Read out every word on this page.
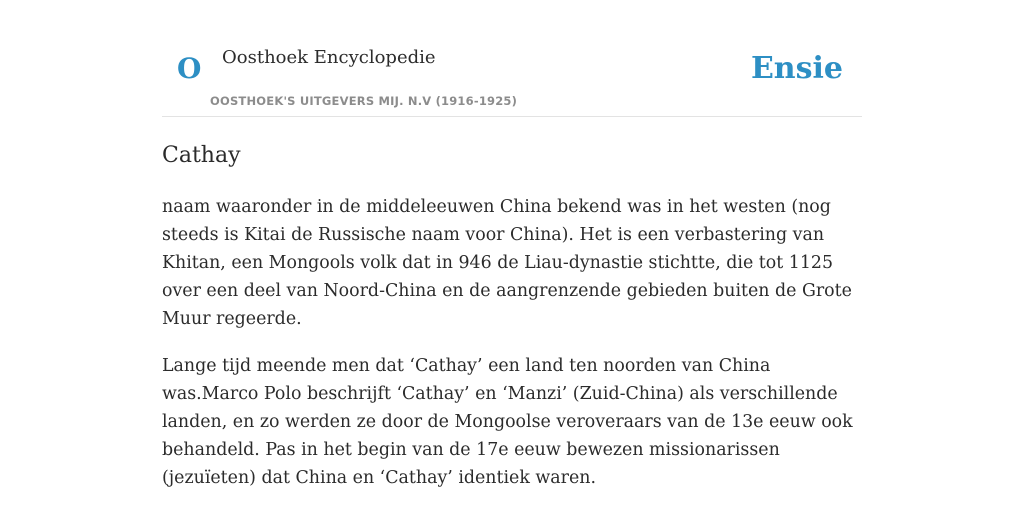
O Oosthoek Encyclopedie
OOSTHOEK'S UITGEVERS MIJ. N.V (1916-1925)
Ensie
Cathay

naam waaronder in de middeleeuwen China bekend was in het westen (nog steeds is Kitai de Russische naam voor China). Het is een verbastering van Khitan, een Mongools volk dat in 946 de Liau-dynastie stichtte, die tot 1125 over een deel van Noord-China en de aangrenzende gebieden buiten de Grote Muur regeerde.

Lange tijd meende men dat ‘Cathay’ een land ten noorden van China was.Marco Polo beschrijft ‘Cathay’ en ‘Manzi’ (Zuid-China) als verschillende landen, en zo werden ze door de Mongoolse veroveraars van de 13e eeuw ook behandeld. Pas in het begin van de 17e eeuw bewezen missionarissen (jezuïeten) dat China en ‘Cathay’ identiek waren.
